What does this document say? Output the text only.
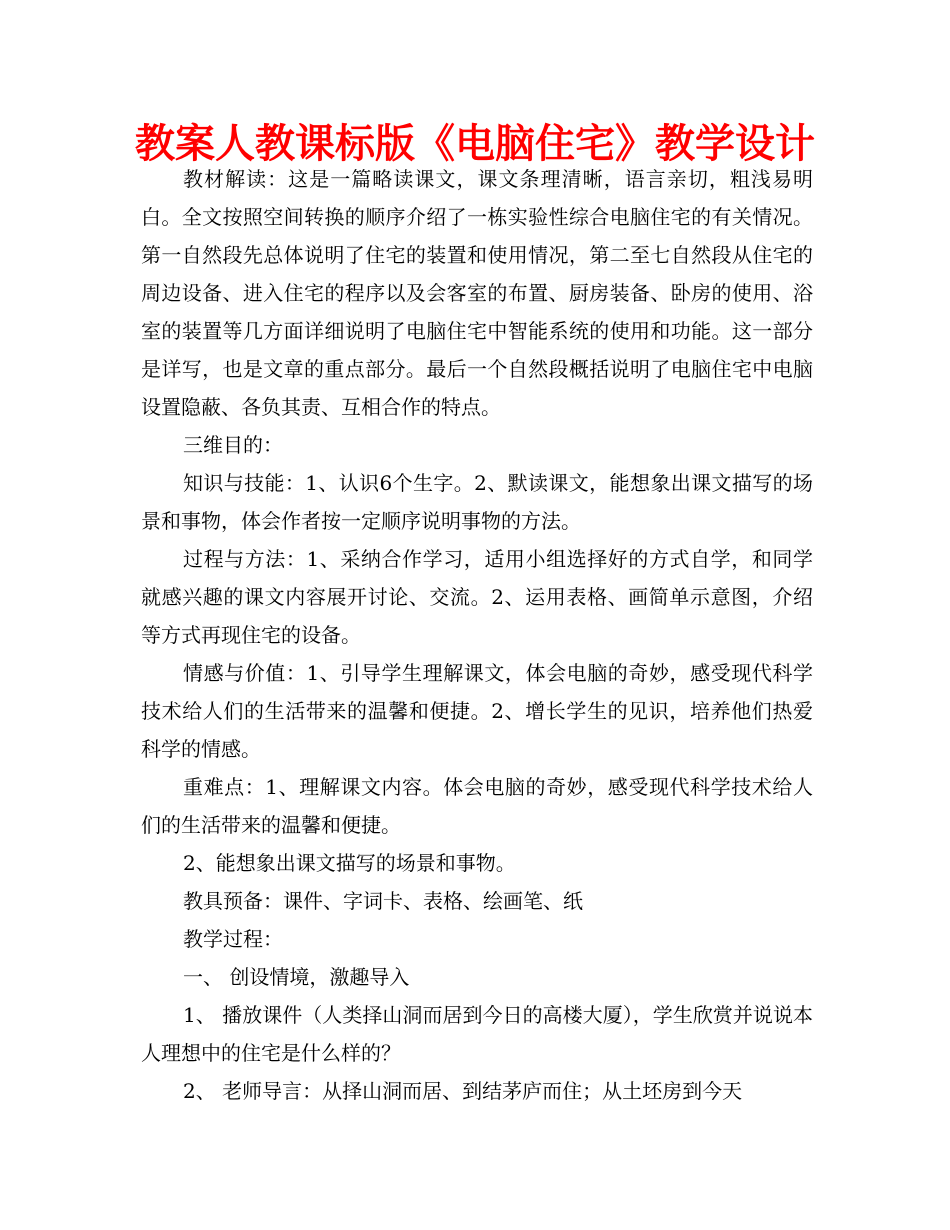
教案人教课标版《电脑住宅》教学设计

教材解读：这是一篇略读课文，课文条理清晰，语言亲切，粗浅易明白。全文按照空间转换的顺序介绍了一栋实验性综合电脑住宅的有关情况。第一自然段先总体说明了住宅的装置和使用情况，第二至七自然段从住宅的周边设备、进入住宅的程序以及会客室的布置、厨房装备、卧房的使用、浴室的装置等几方面详细说明了电脑住宅中智能系统的使用和功能。这一部分是详写，也是文章的重点部分。最后一个自然段概括说明了电脑住宅中电脑设置隐蔽、各负其责、互相合作的特点。

三维目的：

知识与技能：1、认识6个生字。2、默读课文，能想象出课文描写的场景和事物，体会作者按一定顺序说明事物的方法。

过程与方法：1、采纳合作学习，适用小组选择好的方式自学，和同学就感兴趣的课文内容展开讨论、交流。2、运用表格、画简单示意图，介绍等方式再现住宅的设备。

情感与价值：1、引导学生理解课文，体会电脑的奇妙，感受现代科学技术给人们的生活带来的温馨和便捷。2、增长学生的见识，培养他们热爱科学的情感。

重难点：1、理解课文内容。体会电脑的奇妙，感受现代科学技术给人们的生活带来的温馨和便捷。

2、能想象出课文描写的场景和事物。

教具预备：课件、字词卡、表格、绘画笔、纸

教学过程：

一、 创设情境，激趣导入

1、 播放课件（人类择山洞而居到今日的高楼大厦），学生欣赏并说说本人理想中的住宅是什么样的？

2、 老师导言：从择山洞而居、到结茅庐而住；从土坯房到今天
